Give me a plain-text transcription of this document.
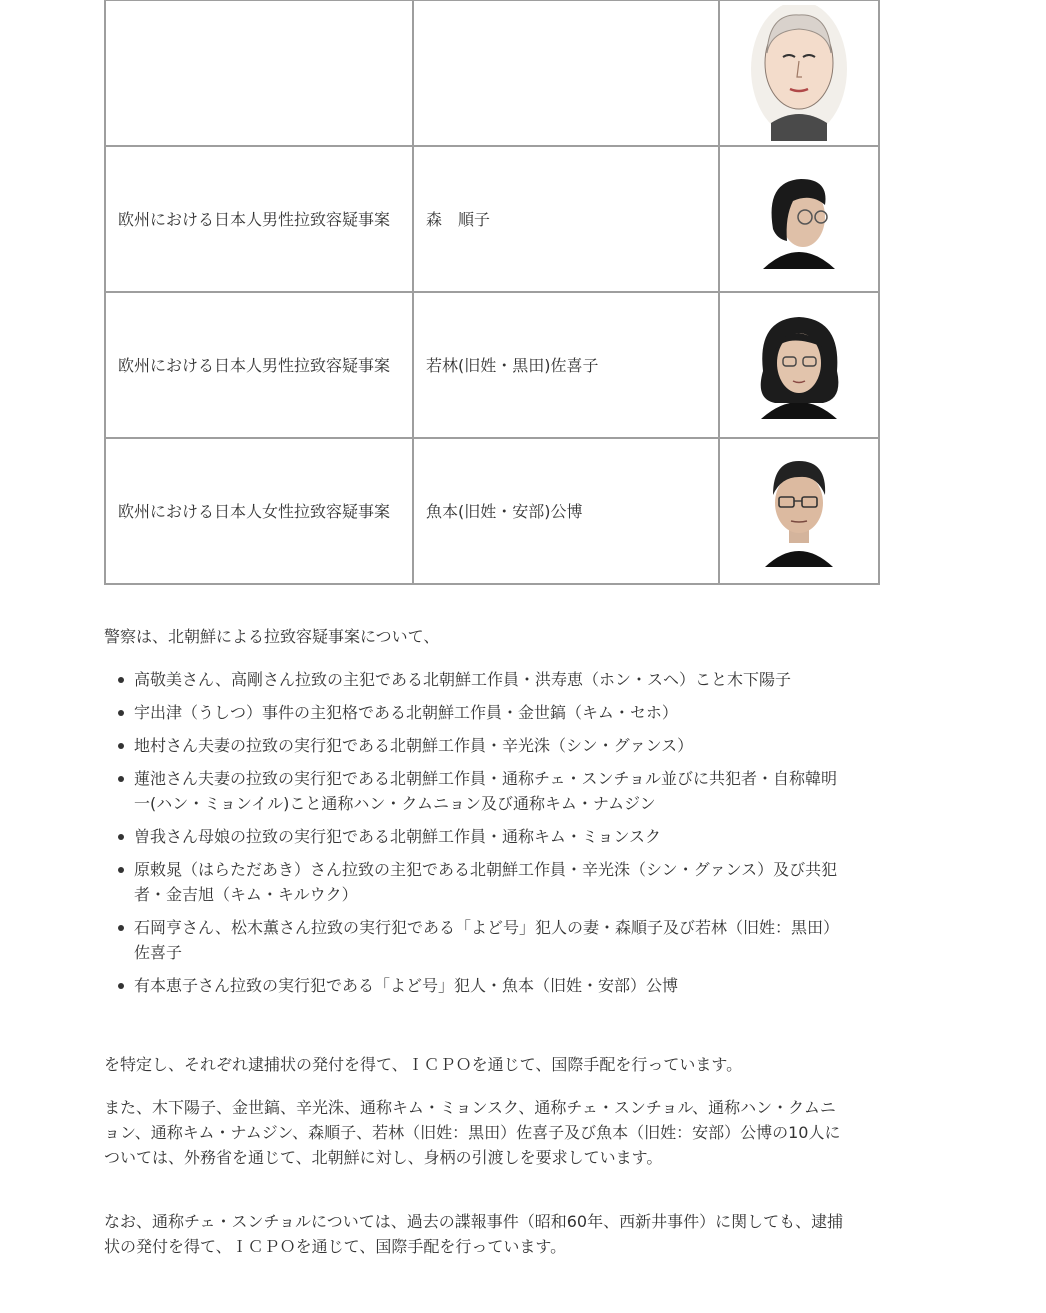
欧州における日本人男性拉致容疑事案	森　順子	

欧州における日本人男性拉致容疑事案	若林(旧姓・黒田)佐喜子	

欧州における日本人女性拉致容疑事案	魚本(旧姓・安部)公博	

警察は、北朝鮮による拉致容疑事案について、

高敬美さん、高剛さん拉致の主犯である北朝鮮工作員・洪寿恵（ホン・スヘ）こと木下陽子
宇出津（うしつ）事件の主犯格である北朝鮮工作員・金世鎬（キム・セホ）
地村さん夫妻の拉致の実行犯である北朝鮮工作員・辛光洙（シン・グァンス）
蓮池さん夫妻の拉致の実行犯である北朝鮮工作員・通称チェ・スンチョル並びに共犯者・自称韓明一(ハン・ミョンイル)こと通称ハン・クムニョン及び通称キム・ナムジン
曽我さん母娘の拉致の実行犯である北朝鮮工作員・通称キム・ミョンスク
原敕晁（はらただあき）さん拉致の主犯である北朝鮮工作員・辛光洙（シン・グァンス）及び共犯者・金吉旭（キム・キルウク）
石岡亨さん、松木薫さん拉致の実行犯である「よど号」犯人の妻・森順子及び若林（旧姓：黒田）佐喜子
有本恵子さん拉致の実行犯である「よど号」犯人・魚本（旧姓・安部）公博

を特定し、それぞれ逮捕状の発付を得て、ＩＣＰＯを通じて、国際手配を行っています。

また、木下陽子、金世鎬、辛光洙、通称キム・ミョンスク、通称チェ・スンチョル、通称ハン・クムニョン、通称キム・ナムジン、森順子、若林（旧姓：黒田）佐喜子及び魚本（旧姓：安部）公博の10人については、外務省を通じて、北朝鮮に対し、身柄の引渡しを要求しています。

なお、通称チェ・スンチョルについては、過去の諜報事件（昭和60年、西新井事件）に関しても、逮捕状の発付を得て、ＩＣＰＯを通じて、国際手配を行っています。
